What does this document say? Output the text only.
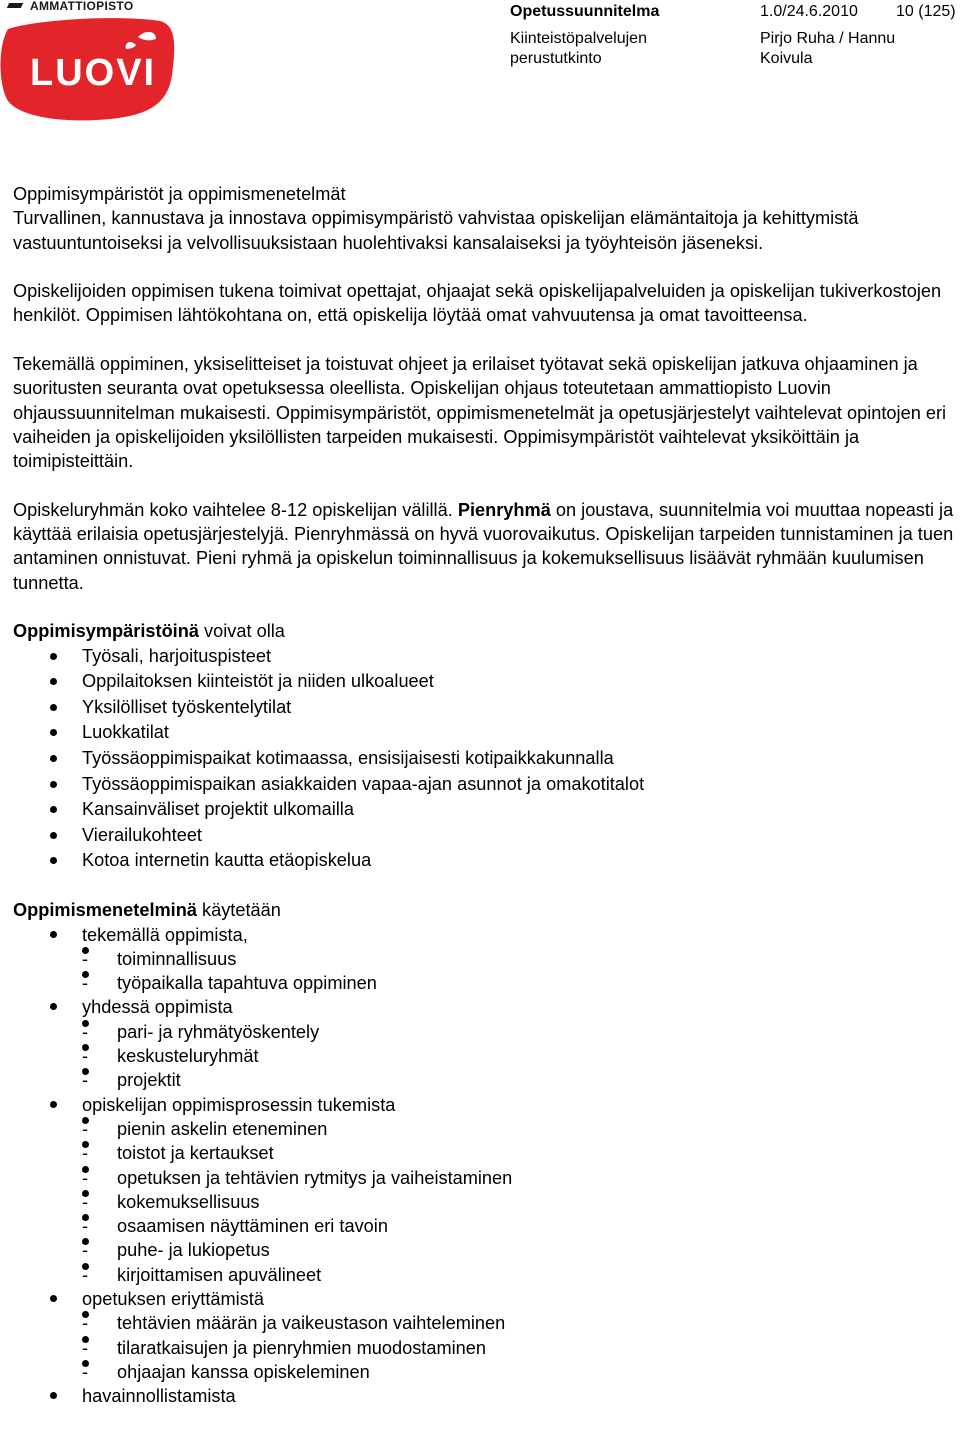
AMMATTIOPISTO
LUOVI
Opetussuunnitelma	1.0/24.6.2010 10 (125)
Kiinteistöpalvelujen perustutkinto
Pirjo Ruha / Hannu Koivula

Oppimisympäristöt ja oppimismenetelmät

Turvallinen, kannustava ja innostava oppimisympäristö vahvistaa opiskelijan elämäntaitoja ja kehittymistä vastuuntuntoiseksi ja velvollisuuksistaan huolehtivaksi kansalaiseksi ja työyhteisön jäseneksi.

Opiskelijoiden oppimisen tukena toimivat opettajat, ohjaajat sekä opiskelijapalveluiden ja opiskelijan tukiverkostojen henkilöt. Oppimisen lähtökohtana on, että opiskelija löytää omat vahvuutensa ja omat tavoitteensa.

Tekemällä oppiminen, yksiselitteiset ja toistuvat ohjeet ja erilaiset työtavat sekä opiskelijan jatkuva ohjaaminen ja suoritusten seuranta ovat opetuksessa oleellista. Opiskelijan ohjaus toteutetaan ammattiopisto Luovin ohjaussuunnitelman mukaisesti. Oppimisympäristöt, oppimismenetelmät ja opetusjärjestelyt vaihtelevat opintojen eri vaiheiden ja opiskelijoiden yksilöllisten tarpeiden mukaisesti. Oppimisympäristöt vaihtelevat yksiköittäin ja toimipisteittäin.

Opiskeluryhmän koko vaihtelee 8-12 opiskelijan välillä. Pienryhmä on joustava, suunnitelmia voi muuttaa nopeasti ja käyttää erilaisia opetusjärjestelyjä. Pienryhmässä on hyvä vuorovaikutus. Opiskelijan tarpeiden tunnistaminen ja tuen antaminen onnistuvat. Pieni ryhmä ja opiskelun toiminnallisuus ja kokemuksellisuus lisäävät ryhmään kuulumisen tunnetta.

Oppimisympäristöinä voivat olla

Työsali, harjoituspisteet
Oppilaitoksen kiinteistöt ja niiden ulkoalueet
Yksilölliset työskentelytilat
Luokkatilat
Työssäoppimispaikat kotimaassa, ensisijaisesti kotipaikkakunnalla
Työssäoppimispaikan asiakkaiden vapaa-ajan asunnot ja omakotitalot
Kansainväliset projektit ulkomailla
Vierailukohteet
Kotoa internetin kautta etäopiskelua

Oppimismenetelminä käytetään

tekemällä oppimista,
- toiminnallisuus
- työpaikalla tapahtuva oppiminen
yhdessä oppimista
- pari- ja ryhmätyöskentely
- keskusteluryhmät
- projektit
opiskelijan oppimisprosessin tukemista
- pienin askelin eteneminen
- toistot ja kertaukset
- opetuksen ja tehtävien rytmitys ja vaiheistaminen
- kokemuksellisuus
- osaamisen näyttäminen eri tavoin
- puhe- ja lukiopetus
- kirjoittamisen apuvälineet
opetuksen eriyttämistä
- tehtävien määrän ja vaikeustason vaihteleminen
- tilaratkaisujen ja pienryhmien muodostaminen
- ohjaajan kanssa opiskeleminen
havainnollistamista
